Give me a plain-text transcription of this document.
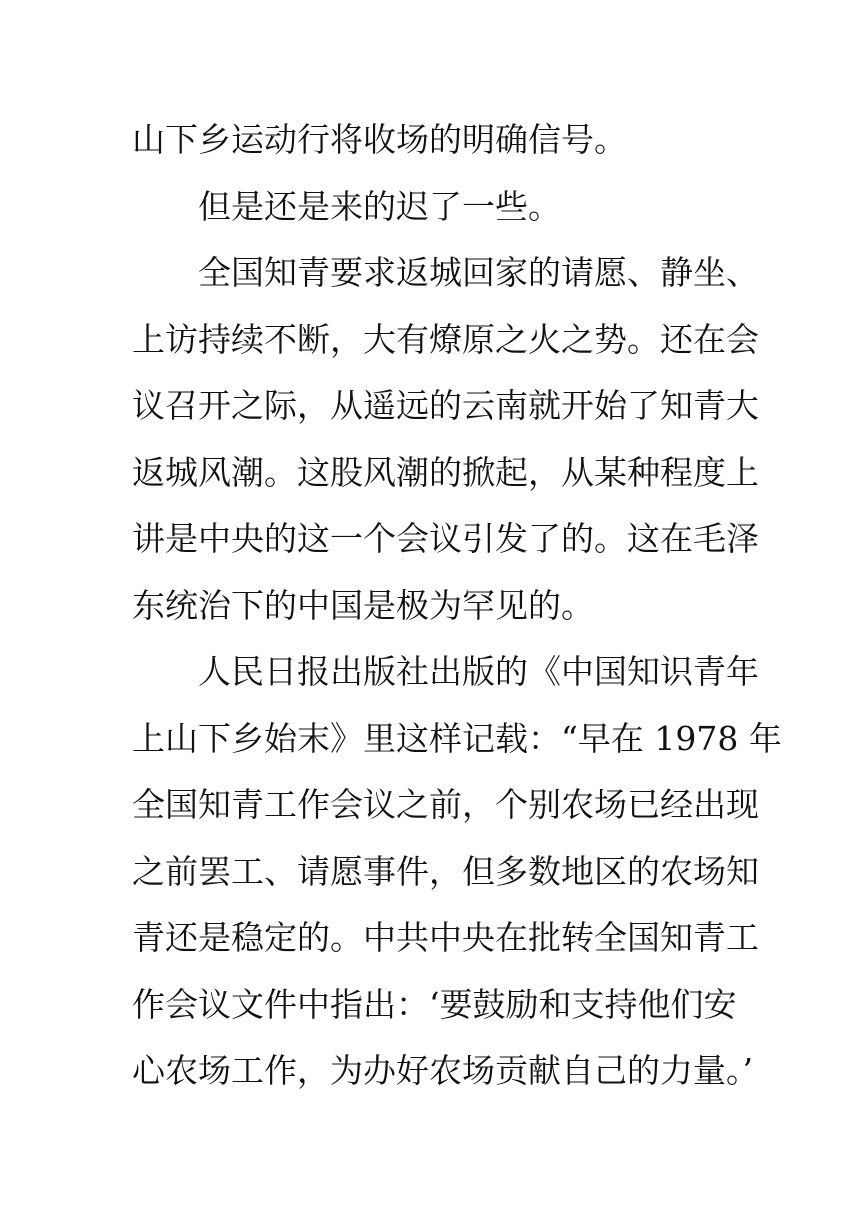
山下乡运动行将收场的明确信号。
但是还是来的迟了一些。
全国知青要求返城回家的请愿、静坐、
上访持续不断，大有燎原之火之势。还在会
议召开之际，从遥远的云南就开始了知青大
返城风潮。这股风潮的掀起，从某种程度上
讲是中央的这一个会议引发了的。这在毛泽
东统治下的中国是极为罕见的。
人民日报出版社出版的《中国知识青年
上山下乡始末》里这样记载：“早在 1978 年
全国知青工作会议之前，个别农场已经出现
之前罢工、请愿事件，但多数地区的农场知
青还是稳定的。中共中央在批转全国知青工
作会议文件中指出：‘要鼓励和支持他们安
心农场工作，为办好农场贡献自己的力量。’
